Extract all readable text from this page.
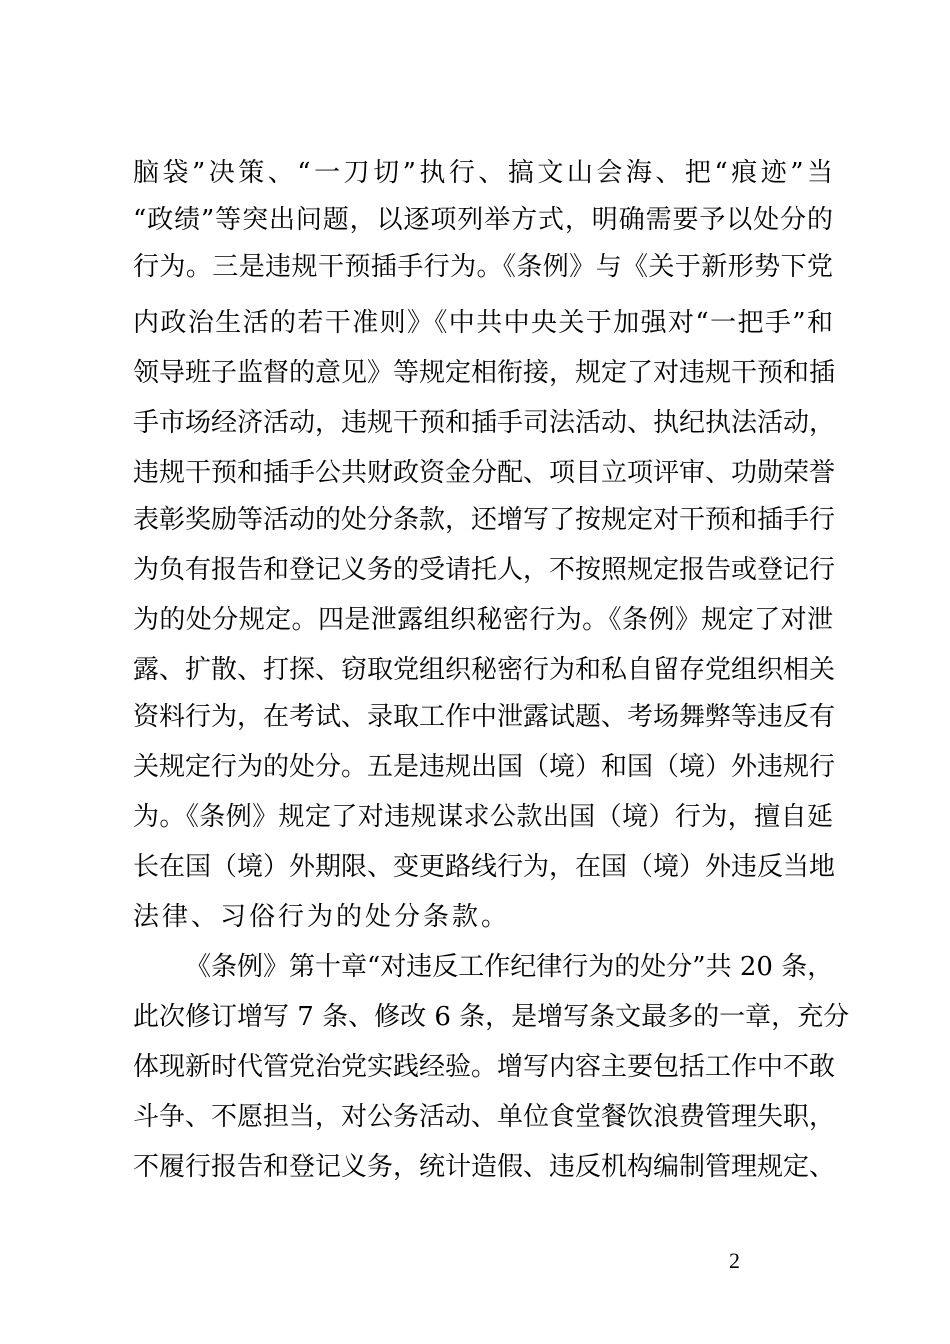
脑袋”决策、“一刀切”执行、搞文山会海、把“痕迹”当
“政绩”等突出问题，以逐项列举方式，明确需要予以处分的
行为。三是违规干预插手行为。《条例》与《关于新形势下党
内政治生活的若干准则》《中共中央关于加强对“一把手”和
领导班子监督的意见》等规定相衔接，规定了对违规干预和插
手市场经济活动，违规干预和插手司法活动、执纪执法活动，
违规干预和插手公共财政资金分配、项目立项评审、功勋荣誉
表彰奖励等活动的处分条款，还增写了按规定对干预和插手行
为负有报告和登记义务的受请托人，不按照规定报告或登记行
为的处分规定。四是泄露组织秘密行为。《条例》规定了对泄
露、扩散、打探、窃取党组织秘密行为和私自留存党组织相关
资料行为，在考试、录取工作中泄露试题、考场舞弊等违反有
关规定行为的处分。五是违规出国（境）和国（境）外违规行
为。《条例》规定了对违规谋求公款出国（境）行为，擅自延
长在国（境）外期限、变更路线行为，在国（境）外违反当地
法律、习俗行为的处分条款。
《条例》第十章“对违反工作纪律行为的处分”共 20 条，
此次修订增写 7 条、修改 6 条，是增写条文最多的一章，充分
体现新时代管党治党实践经验。增写内容主要包括工作中不敢
斗争、不愿担当，对公务活动、单位食堂餐饮浪费管理失职，
不履行报告和登记义务，统计造假、违反机构编制管理规定、
2
